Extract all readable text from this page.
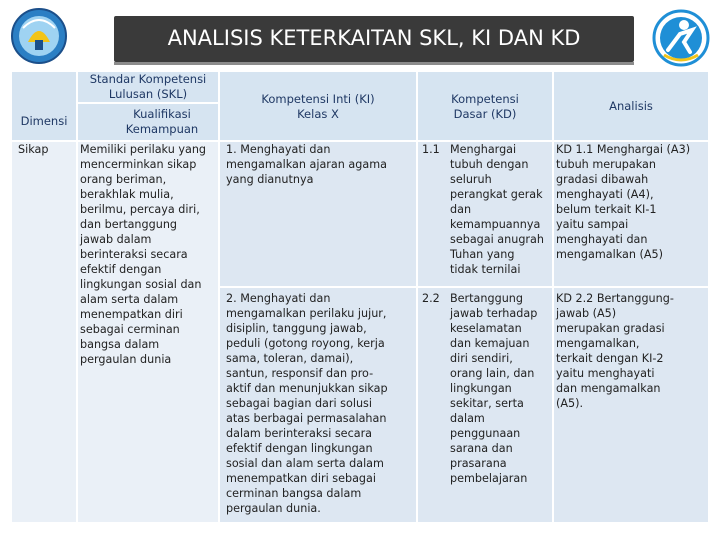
ANALISIS KETERKAITAN SKL, KI DAN KD
Dimensi
Standar Kompetensi Lulusan (SKL)
Kualifikasi Kemampuan
Kompetensi Inti (KI) Kelas X
Kompetensi Dasar (KD)
Analisis
Sikap	Memiliki perilaku yang
mencerminkan sikap
orang beriman,
berakhlak mulia,
berilmu, percaya diri,
dan bertanggung
jawab dalam
berinteraksi secara
efektif dengan
lingkungan sosial dan
alam serta dalam
menempatkan diri
sebagai cerminan
bangsa dalam
pergaulan dunia
1. Menghayati dan
mengamalkan ajaran agama
yang dianutnya
2. Menghayati dan
mengamalkan perilaku jujur,
disiplin, tanggung jawab,
peduli (gotong royong, kerja
sama, toleran, damai),
santun, responsif dan pro-
aktif dan menunjukkan sikap
sebagai bagian dari solusi
atas berbagai permasalahan
dalam berinteraksi secara
efektif dengan lingkungan
sosial dan alam serta dalam
menempatkan diri sebagai
cerminan bangsa dalam
pergaulan dunia.
1.1 Menghargai
tubuh dengan
seluruh
perangkat gerak
dan
kemampuannya
sebagai anugrah
Tuhan yang
tidak ternilai
2.2 Bertanggung
jawab terhadap
keselamatan
dan kemajuan
diri sendiri,
orang lain, dan
lingkungan
sekitar, serta
dalam
penggunaan
sarana dan
prasarana
pembelajaran
KD 1.1 Menghargai (A3)
tubuh merupakan
gradasi dibawah
menghayati (A4),
belum terkait KI-1
yaitu sampai
menghayati dan
mengamalkan (A5)
KD 2.2 Bertanggung-
jawab (A5)
merupakan gradasi
mengamalkan,
terkait dengan KI-2
yaitu menghayati
dan mengamalkan
(A5).
